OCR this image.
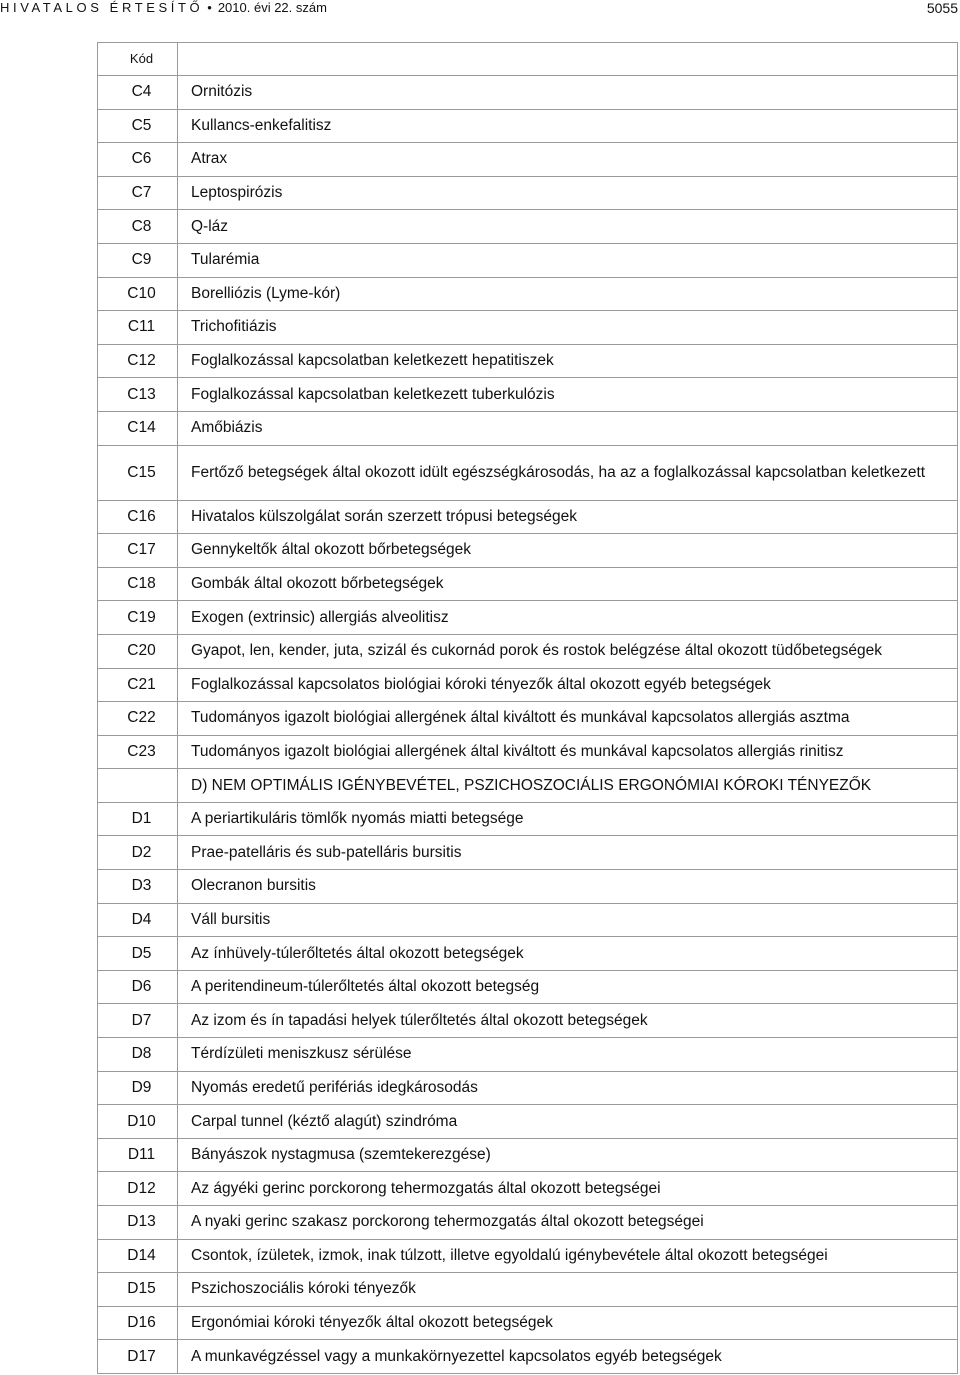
HIVATALOS ÉRTESÍTŐ • 2010. évi 22. szám	5055
Kód	
C4	Ornitózis
C5	Kullancs-enkefalitisz
C6	Atrax
C7	Leptospirózis
C8	Q-láz
C9	Tularémia
C10	Borelliózis (Lyme-kór)
C11	Trichofitiázis
C12	Foglalkozással kapcsolatban keletkezett hepatitiszek
C13	Foglalkozással kapcsolatban keletkezett tuberkulózis
C14	Amőbiázis
C15	Fertőző betegségek által okozott idült egészségkárosodás, ha az a foglalkozással kapcsolatban keletkezett
C16	Hivatalos külszolgálat során szerzett trópusi betegségek
C17	Gennykeltők által okozott bőrbetegségek
C18	Gombák által okozott bőrbetegségek
C19	Exogen (extrinsic) allergiás alveolitisz
C20	Gyapot, len, kender, juta, szizál és cukornád porok és rostok belégzése által okozott tüdőbetegségek
C21	Foglalkozással kapcsolatos biológiai kóroki tényezők által okozott egyéb betegségek
C22	Tudományos igazolt biológiai allergének által kiváltott és munkával kapcsolatos allergiás asztma
C23	Tudományos igazolt biológiai allergének által kiváltott és munkával kapcsolatos allergiás rinitisz
	D) NEM OPTIMÁLIS IGÉNYBEVÉTEL, PSZICHOSZOCIÁLIS ERGONÓMIAI KÓROKI TÉNYEZŐK
D1	A periartikuláris tömlők nyomás miatti betegsége
D2	Prae-patelláris és sub-patelláris bursitis
D3	Olecranon bursitis
D4	Váll bursitis
D5	Az ínhüvely-túlerőltetés által okozott betegségek
D6	A peritendineum-túlerőltetés által okozott betegség
D7	Az izom és ín tapadási helyek túlerőltetés által okozott betegségek
D8	Térdízületi meniszkusz sérülése
D9	Nyomás eredetű perifériás idegkárosodás
D10	Carpal tunnel (kéztő alagút) szindróma
D11	Bányászok nystagmusa (szemtekerezgése)
D12	Az ágyéki gerinc porckorong tehermozgatás által okozott betegségei
D13	A nyaki gerinc szakasz porckorong tehermozgatás által okozott betegségei
D14	Csontok, ízületek, izmok, inak túlzott, illetve egyoldalú igénybevétele által okozott betegségei
D15	Pszichoszociális kóroki tényezők
D16	Ergonómiai kóroki tényezők által okozott betegségek
D17	A munkavégzéssel vagy a munkakörnyezettel kapcsolatos egyéb betegségek
